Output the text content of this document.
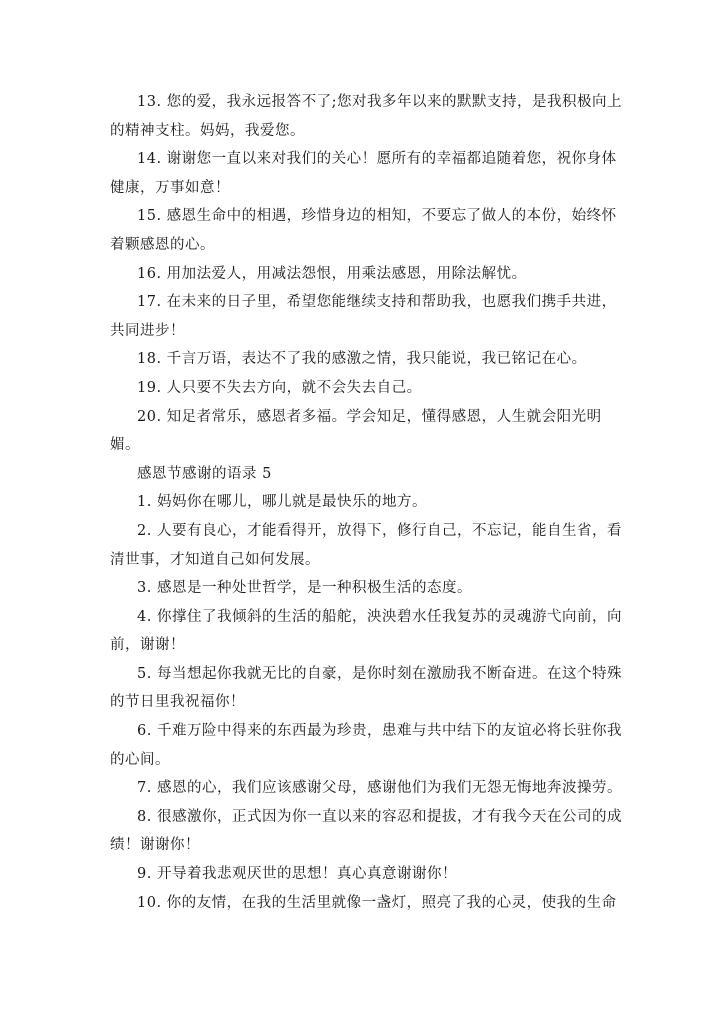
13. 您的爱，我永远报答不了;您对我多年以来的默默支持，是我积极向上
的精神支柱。妈妈，我爱您。
14. 谢谢您一直以来对我们的关心！愿所有的幸福都追随着您，祝你身体
健康，万事如意！
15. 感恩生命中的相遇，珍惜身边的相知，不要忘了做人的本份，始终怀
着颗感恩的心。
16. 用加法爱人，用减法怨恨，用乘法感恩，用除法解忧。
17. 在未来的日子里，希望您能继续支持和帮助我，也愿我们携手共进，
共同进步！
18. 千言万语，表达不了我的感激之情，我只能说，我已铭记在心。
19. 人只要不失去方向，就不会失去自己。
20. 知足者常乐，感恩者多福。学会知足，懂得感恩，人生就会阳光明
媚。
感恩节感谢的语录 5
1. 妈妈你在哪儿，哪儿就是最快乐的地方。
2. 人要有良心，才能看得开，放得下，修行自己，不忘记，能自生省，看
清世事，才知道自己如何发展。
3. 感恩是一种处世哲学，是一种积极生活的态度。
4. 你撑住了我倾斜的生活的船舵，泱泱碧水任我复苏的灵魂游弋向前，向
前，谢谢！
5. 每当想起你我就无比的自豪，是你时刻在激励我不断奋进。在这个特殊
的节日里我祝福你！
6. 千难万险中得来的东西最为珍贵，患难与共中结下的友谊必将长驻你我
的心间。
7. 感恩的心，我们应该感谢父母，感谢他们为我们无怨无悔地奔波操劳。
8. 很感激你，正式因为你一直以来的容忍和提拔，才有我今天在公司的成
绩！谢谢你！
9. 开导着我悲观厌世的思想！真心真意谢谢你！
10. 你的友情，在我的生活里就像一盏灯，照亮了我的心灵，使我的生命
